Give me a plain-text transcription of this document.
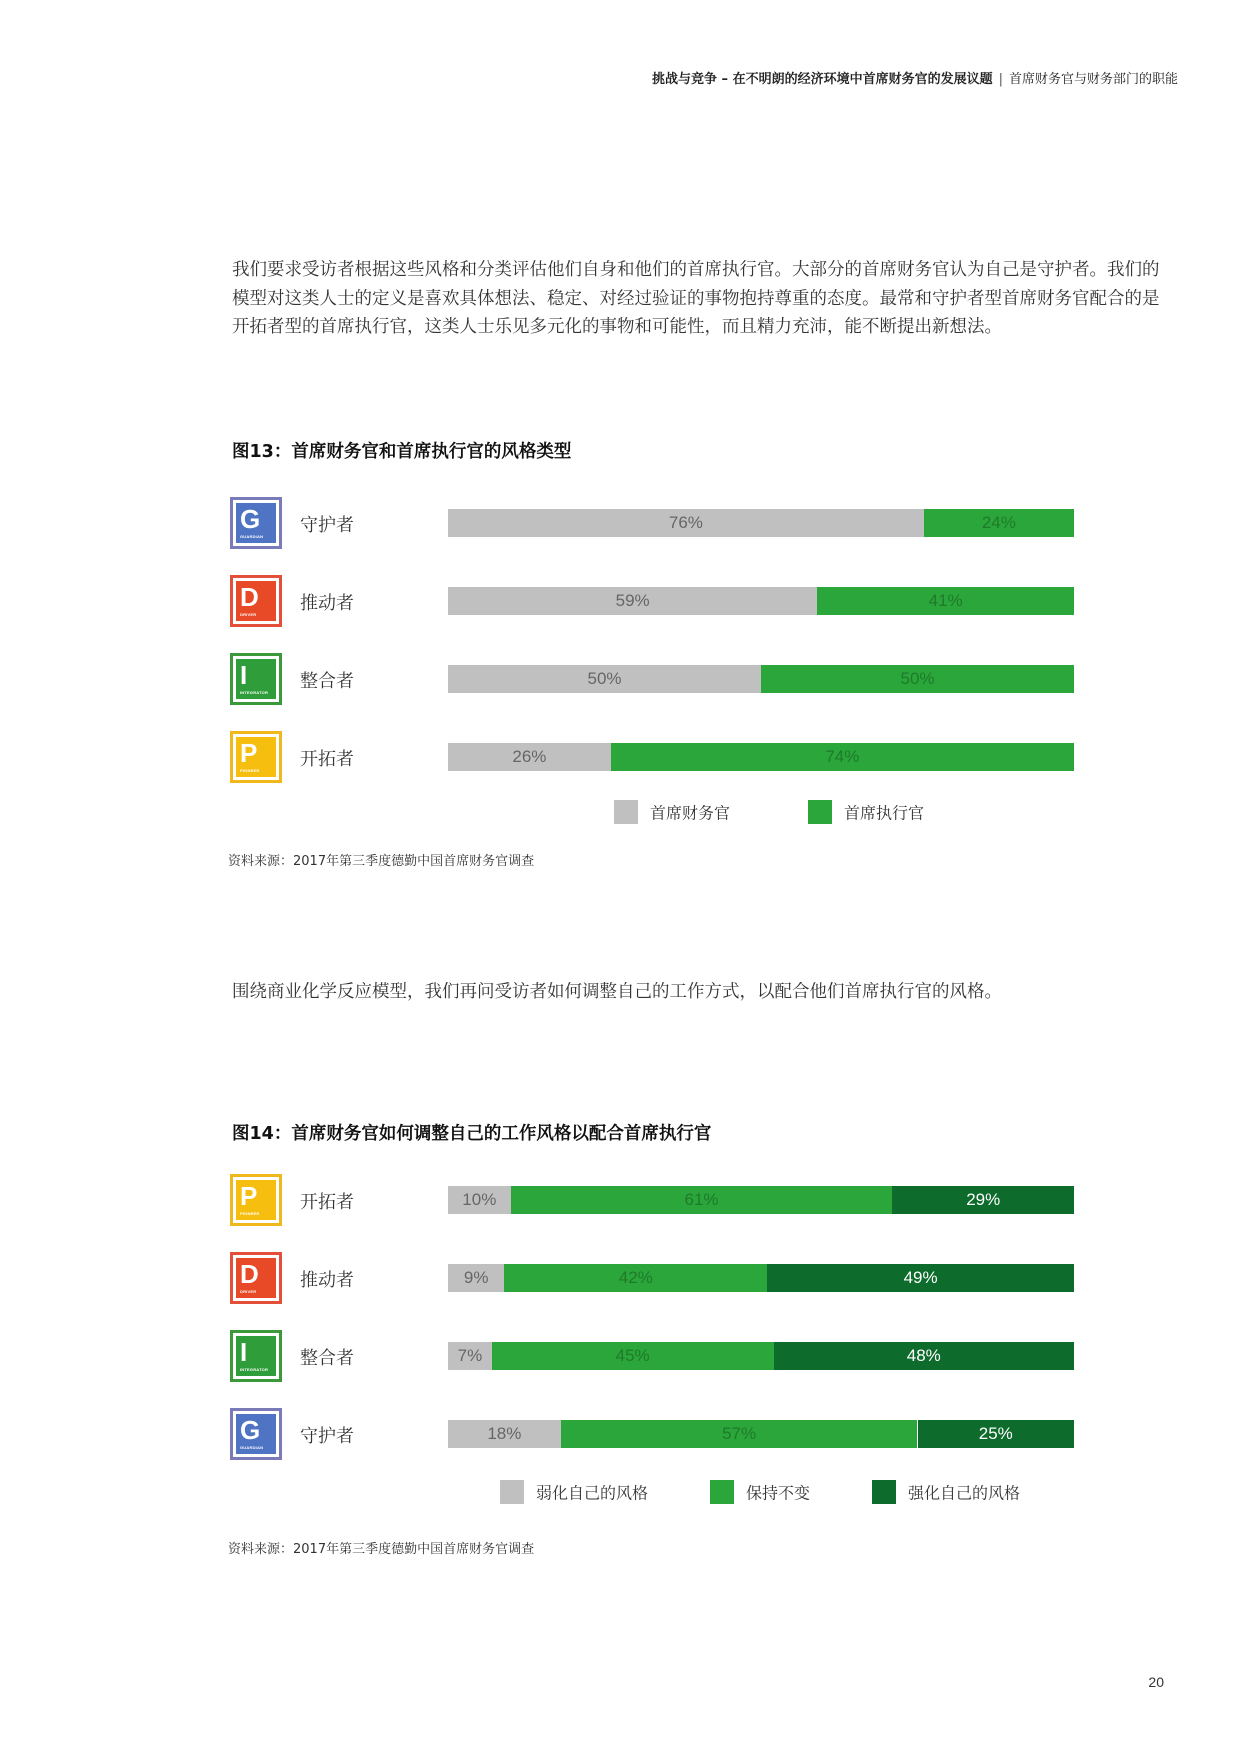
挑战与竞争 – 在不明朗的经济环境中首席财务官的发展议题 | 首席财务官与财务部门的职能
我们要求受访者根据这些风格和分类评估他们自身和他们的首席执行官。大部分的首席财务官认为自己是守护者。我们的模型对这类人士的定义是喜欢具体想法、稳定、对经过验证的事物抱持尊重的态度。最常和守护者型首席财务官配合的是开拓者型的首席执行官，这类人士乐见多元化的事物和可能性，而且精力充沛，能不断提出新想法。
图13：首席财务官和首席执行官的风格类型
G
GUARDIAN
守护者	76%	24%
D
DRIVER
推动者	59%	41%
I
INTEGRATOR
整合者	50%	50%
P
PIONEER
开拓者	26%	74%
首席财务官	首席执行官
资料来源：2017年第三季度德勤中国首席财务官调查
围绕商业化学反应模型，我们再问受访者如何调整自己的工作方式，以配合他们首席执行官的风格。
图14：首席财务官如何调整自己的工作风格以配合首席执行官
P
PIONEER
开拓者	10%	61%	29%
D
DRIVER
推动者	9%	42%	49%
I
INTEGRATOR
整合者	7%	45%	48%
G
GUARDIAN
守护者	18%	57%	25%
弱化自己的风格	保持不变	强化自己的风格
资料来源：2017年第三季度德勤中国首席财务官调查
20
